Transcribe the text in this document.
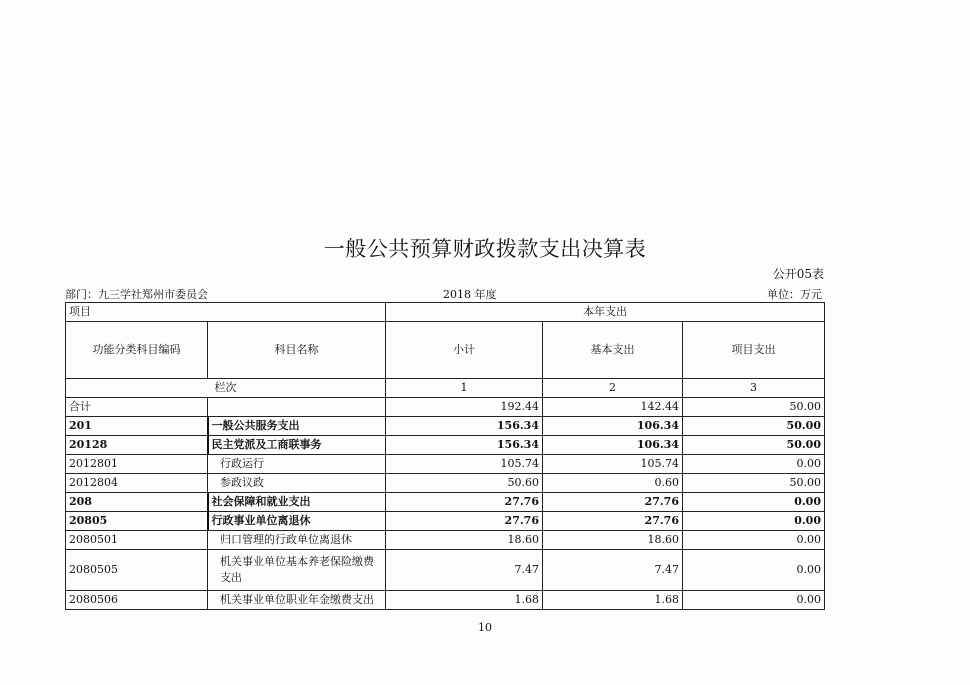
一般公共预算财政拨款支出决算表
公开05表
部门：九三学社郑州市委员会	2018 年度	单位：万元
项目		本年支出		
功能分类科目编码	科目名称	小计	基本支出	项目支出
栏次		1	2	3
合计		192.44	142.44	50.00
201	一般公共服务支出	156.34	106.34	50.00
20128	民主党派及工商联事务	156.34	106.34	50.00
2012801	行政运行	105.74	105.74	0.00
2012804	参政议政	50.60	0.60	50.00
208	社会保障和就业支出	27.76	27.76	0.00
20805	行政事业单位离退休	27.76	27.76	0.00
2080501	归口管理的行政单位离退休	18.60	18.60	0.00
2080505	机关事业单位基本养老保险缴费支出	7.47	7.47	0.00
2080506	机关事业单位职业年金缴费支出	1.68	1.68	0.00
10
